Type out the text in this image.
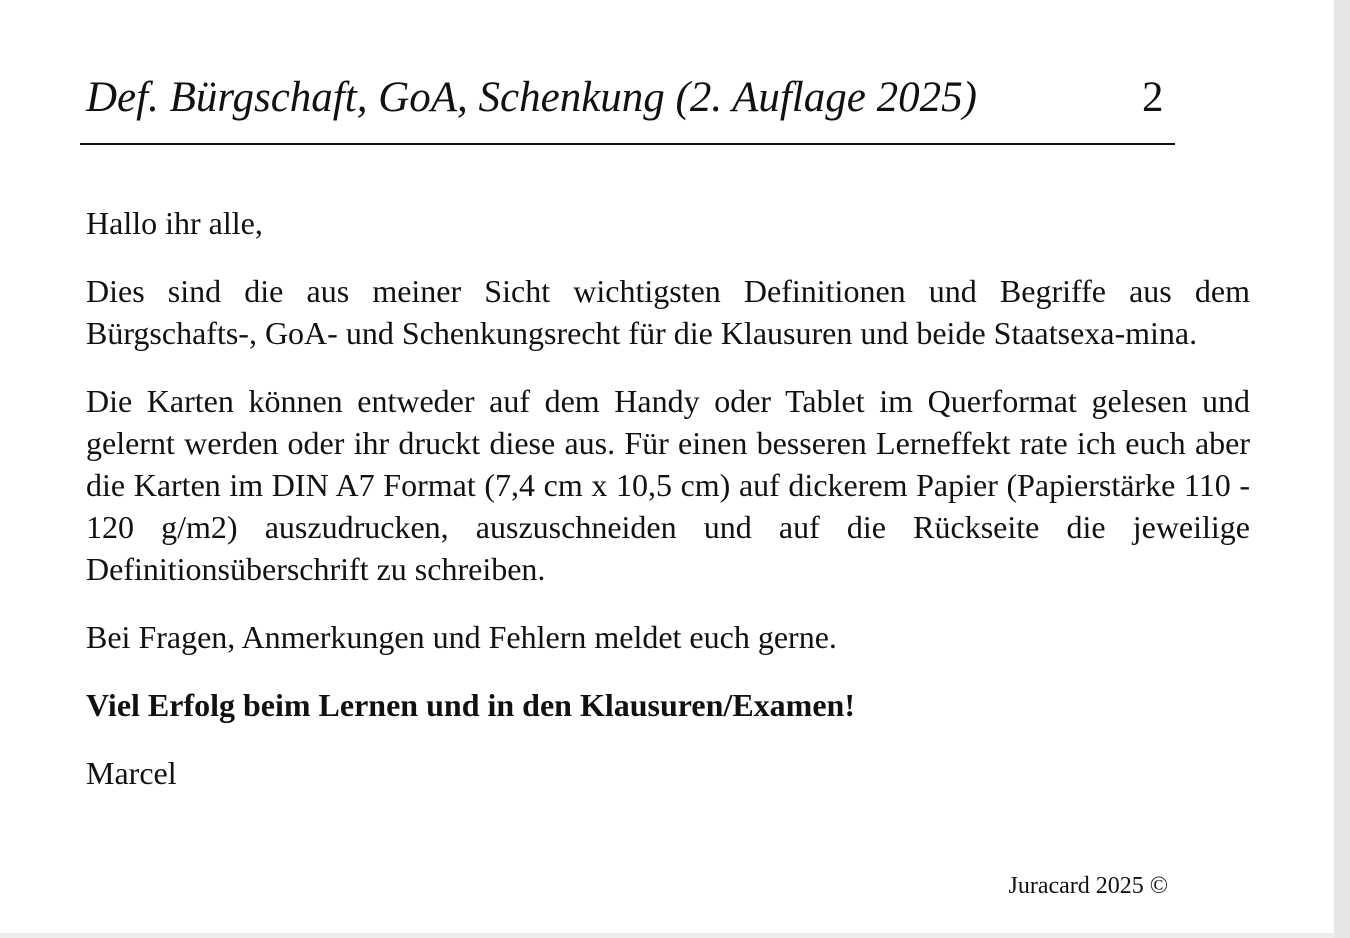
Def. Bürgschaft, GoA, Schenkung (2. Auflage 2025)	2

Hallo ihr alle,

Dies sind die aus meiner Sicht wichtigsten Definitionen und Begriffe aus dem Bürgschafts-, GoA- und Schenkungsrecht für die Klausuren und beide Staatsexa-mina.

Die Karten können entweder auf dem Handy oder Tablet im Querformat gelesen und gelernt werden oder ihr druckt diese aus. Für einen besseren Lerneffekt rate ich euch aber die Karten im DIN A7 Format (7,4 cm x 10,5 cm) auf dickerem Papier (Papierstärke 110 - 120 g/m2) auszudrucken, auszuschneiden und auf die Rückseite die jeweilige Definitionsüberschrift zu schreiben.

Bei Fragen, Anmerkungen und Fehlern meldet euch gerne.

Viel Erfolg beim Lernen und in den Klausuren/Examen!

Marcel

Juracard 2025 ©
